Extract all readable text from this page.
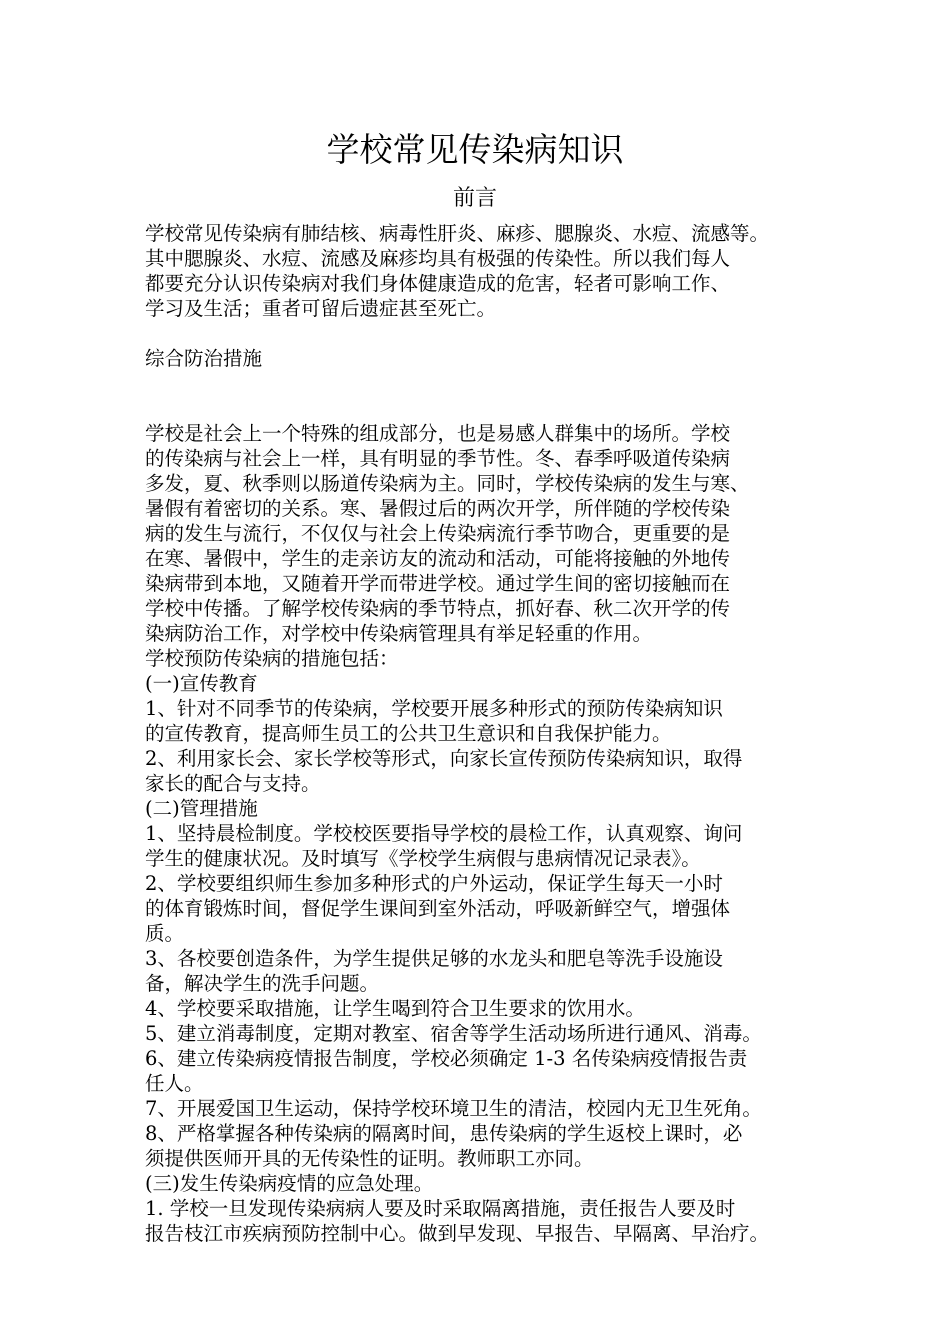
学校常见传染病知识
前言
学校常见传染病有肺结核、病毒性肝炎、麻疹、腮腺炎、水痘、流感等。
其中腮腺炎、水痘、流感及麻疹均具有极强的传染性。所以我们每人
都要充分认识传染病对我们身体健康造成的危害，轻者可影响工作、
学习及生活；重者可留后遗症甚至死亡。
综合防治措施
学校是社会上一个特殊的组成部分，也是易感人群集中的场所。学校
的传染病与社会上一样，具有明显的季节性。冬、春季呼吸道传染病
多发，夏、秋季则以肠道传染病为主。同时，学校传染病的发生与寒、
暑假有着密切的关系。寒、暑假过后的两次开学，所伴随的学校传染
病的发生与流行，不仅仅与社会上传染病流行季节吻合，更重要的是
在寒、暑假中，学生的走亲访友的流动和活动，可能将接触的外地传
染病带到本地，又随着开学而带进学校。通过学生间的密切接触而在
学校中传播。了解学校传染病的季节特点，抓好春、秋二次开学的传
染病防治工作，对学校中传染病管理具有举足轻重的作用。
学校预防传染病的措施包括：
(一)宣传教育
1、针对不同季节的传染病，学校要开展多种形式的预防传染病知识
的宣传教育，提高师生员工的公共卫生意识和自我保护能力。
2、利用家长会、家长学校等形式，向家长宣传预防传染病知识，取得
家长的配合与支持。
(二)管理措施
1、坚持晨检制度。学校校医要指导学校的晨检工作，认真观察、询问
学生的健康状况。及时填写《学校学生病假与患病情况记录表》。
2、学校要组织师生参加多种形式的户外运动，保证学生每天一小时
的体育锻炼时间，督促学生课间到室外活动，呼吸新鲜空气，增强体
质。
3、各校要创造条件，为学生提供足够的水龙头和肥皂等洗手设施设
备，解决学生的洗手问题。
4、学校要采取措施，让学生喝到符合卫生要求的饮用水。
5、建立消毒制度，定期对教室、宿舍等学生活动场所进行通风、消毒。
6、建立传染病疫情报告制度，学校必须确定 1-3 名传染病疫情报告责
任人。
7、开展爱国卫生运动，保持学校环境卫生的清洁，校园内无卫生死角。
8、严格掌握各种传染病的隔离时间，患传染病的学生返校上课时，必
须提供医师开具的无传染性的证明。教师职工亦同。
(三)发生传染病疫情的应急处理。
1. 学校一旦发现传染病病人要及时采取隔离措施，责任报告人要及时
报告枝江市疾病预防控制中心。做到早发现、早报告、早隔离、早治疗。
